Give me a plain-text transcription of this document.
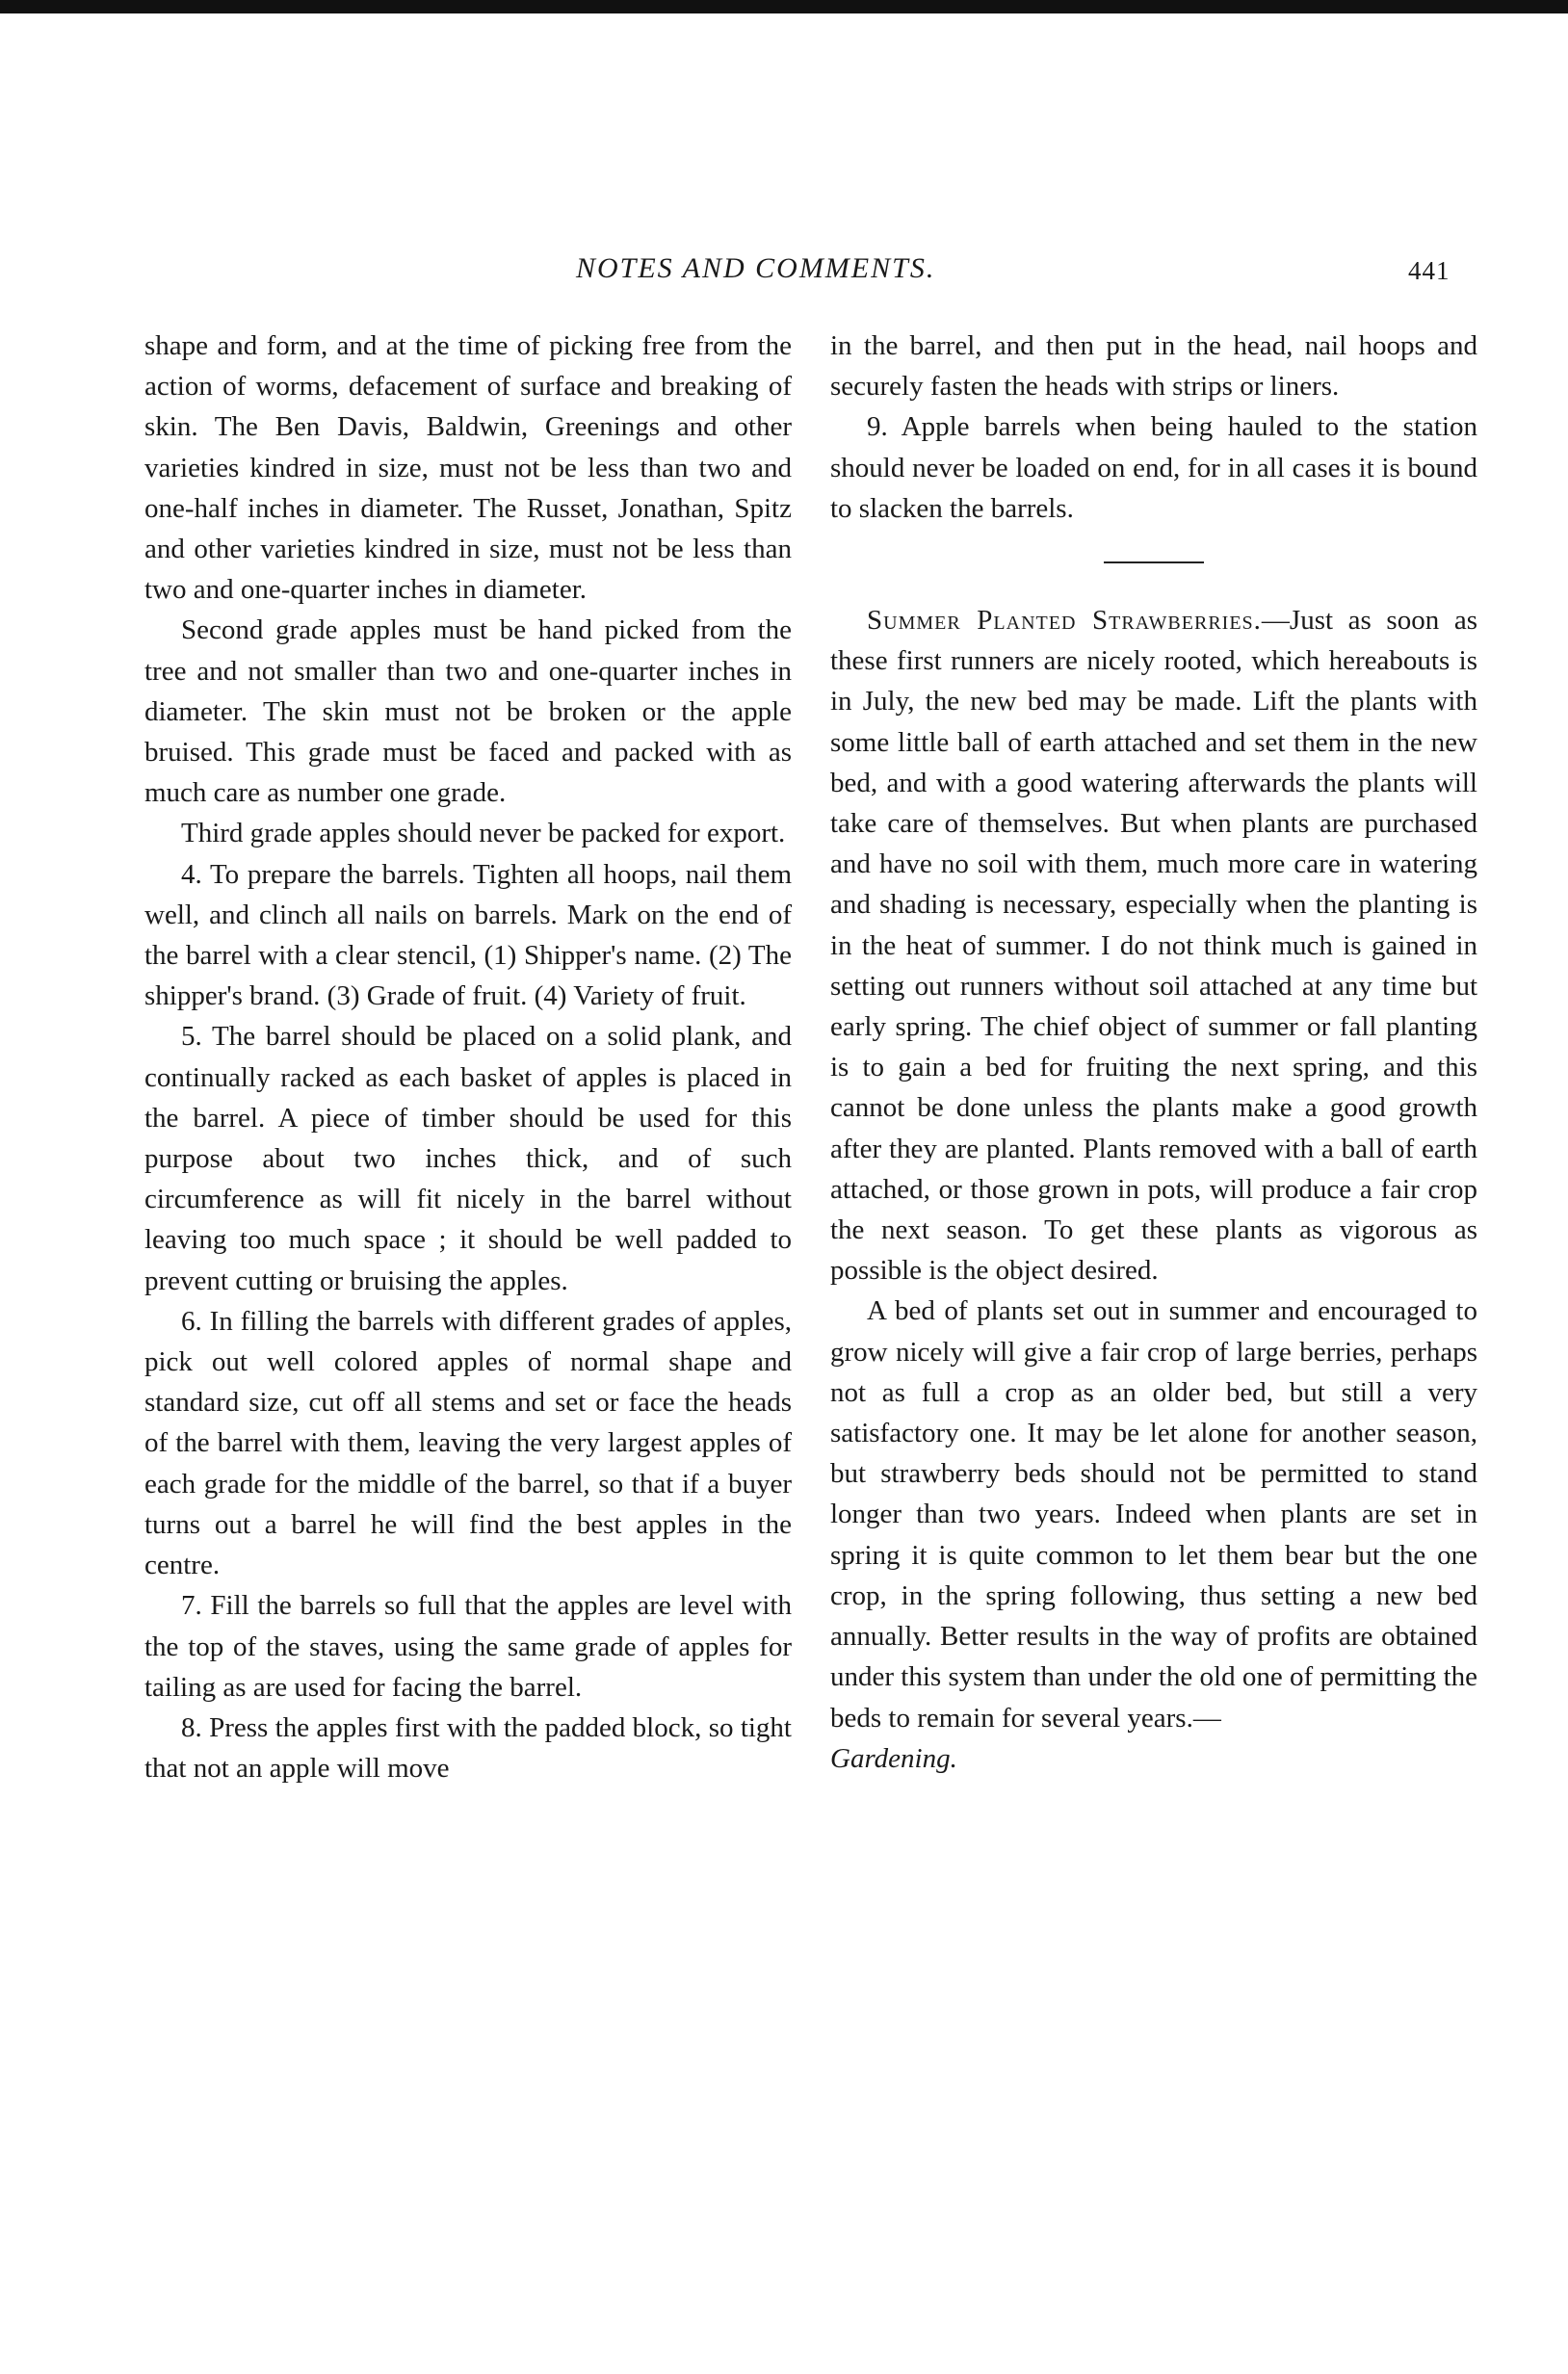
NOTES AND COMMENTS.	441

shape and form, and at the time of picking free from the action of worms, defacement of surface and breaking of skin. The Ben Davis, Baldwin, Greenings and other varieties kindred in size, must not be less than two and one-half inches in diameter. The Russet, Jonathan, Spitz and other varieties kindred in size, must not be less than two and one-quarter inches in diameter.

Second grade apples must be hand picked from the tree and not smaller than two and one-quarter inches in diameter. The skin must not be broken or the apple bruised. This grade must be faced and packed with as much care as number one grade.

Third grade apples should never be packed for export.

4. To prepare the barrels. Tighten all hoops, nail them well, and clinch all nails on barrels. Mark on the end of the barrel with a clear stencil, (1) Shipper's name. (2) The shipper's brand. (3) Grade of fruit. (4) Variety of fruit.

5. The barrel should be placed on a solid plank, and continually racked as each basket of apples is placed in the barrel. A piece of timber should be used for this purpose about two inches thick, and of such circumference as will fit nicely in the barrel without leaving too much space ; it should be well padded to prevent cutting or bruising the apples.

6. In filling the barrels with different grades of apples, pick out well colored apples of normal shape and standard size, cut off all stems and set or face the heads of the barrel with them, leaving the very largest apples of each grade for the middle of the barrel, so that if a buyer turns out a barrel he will find the best apples in the centre.

7. Fill the barrels so full that the apples are level with the top of the staves, using the same grade of apples for tailing as are used for facing the barrel.

8. Press the apples first with the padded block, so tight that not an apple will move

in the barrel, and then put in the head, nail hoops and securely fasten the heads with strips or liners.

9. Apple barrels when being hauled to the station should never be loaded on end, for in all cases it is bound to slacken the barrels.

Summer Planted Strawberries.—Just as soon as these first runners are nicely rooted, which hereabouts is in July, the new bed may be made. Lift the plants with some little ball of earth attached and set them in the new bed, and with a good watering afterwards the plants will take care of themselves. But when plants are purchased and have no soil with them, much more care in watering and shading is necessary, especially when the planting is in the heat of summer. I do not think much is gained in setting out runners without soil attached at any time but early spring. The chief object of summer or fall planting is to gain a bed for fruiting the next spring, and this cannot be done unless the plants make a good growth after they are planted. Plants removed with a ball of earth attached, or those grown in pots, will produce a fair crop the next season. To get these plants as vigorous as possible is the object desired.

A bed of plants set out in summer and encouraged to grow nicely will give a fair crop of large berries, perhaps not as full a crop as an older bed, but still a very satisfactory one. It may be let alone for another season, but strawberry beds should not be permitted to stand longer than two years. Indeed when plants are set in spring it is quite common to let them bear but the one crop, in the spring following, thus setting a new bed annually. Better results in the way of profits are obtained under this system than under the old one of permitting the beds to remain for several years.—
Gardening.
